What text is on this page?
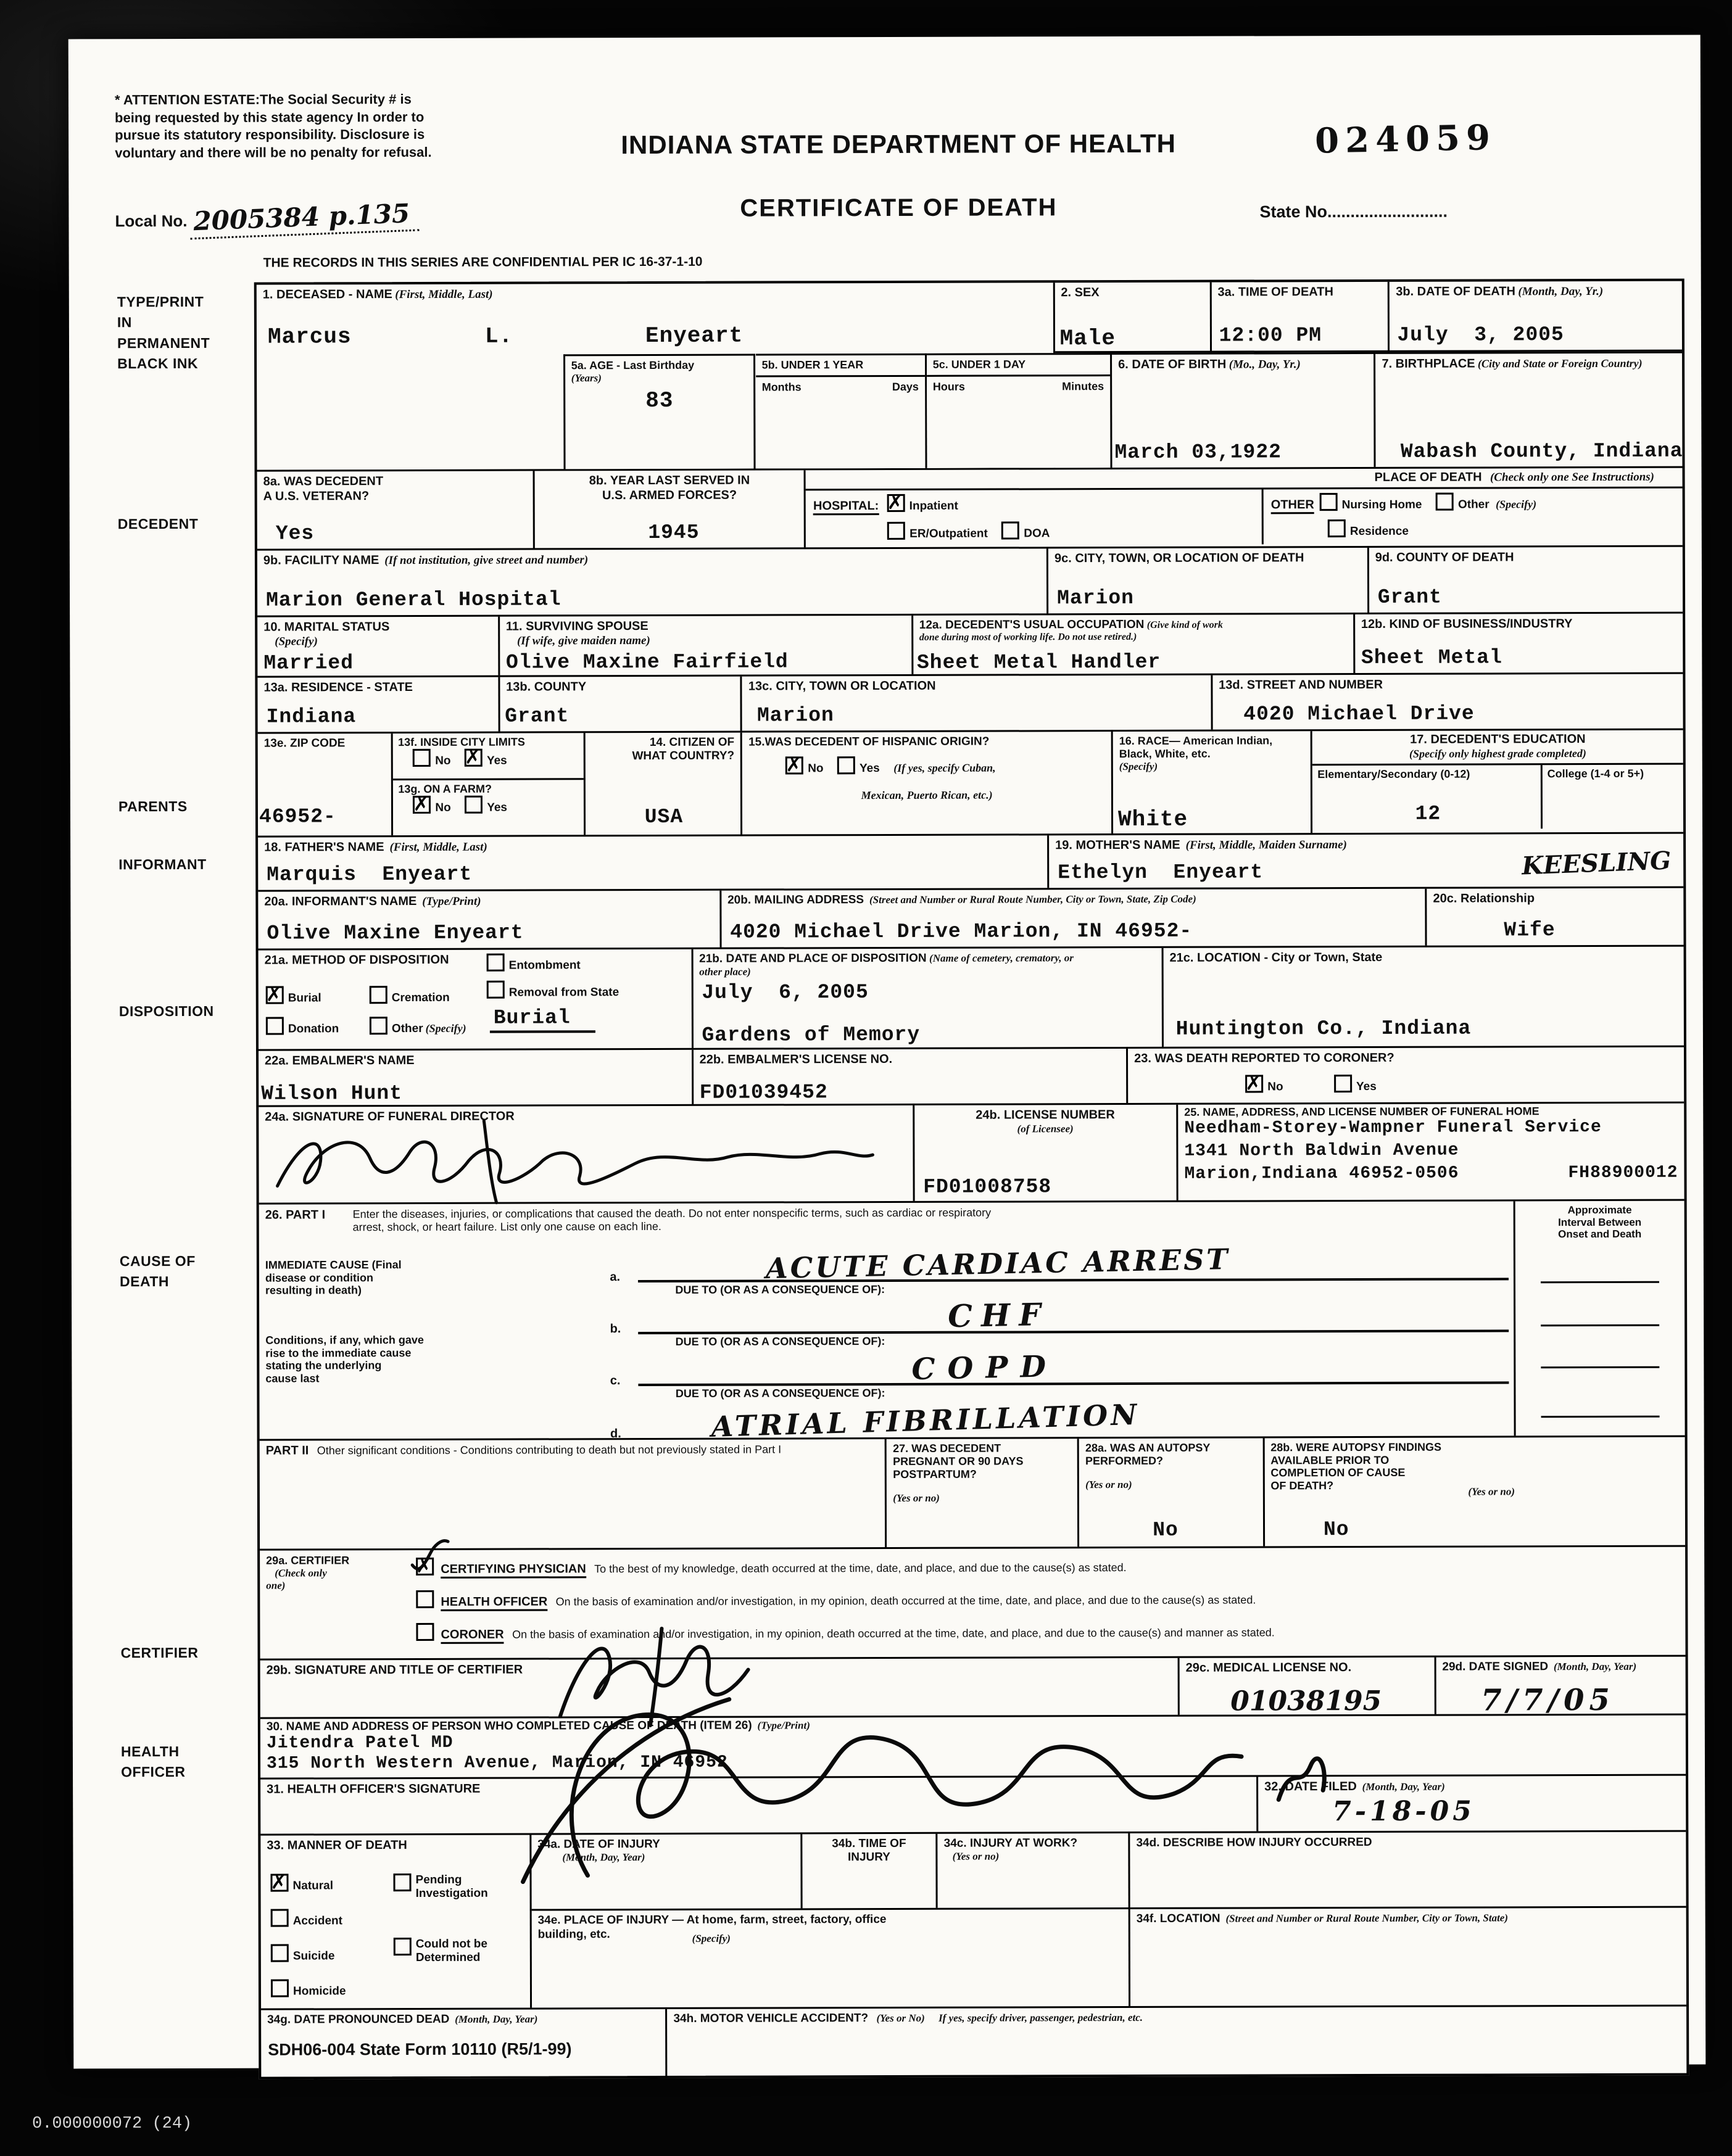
* ATTENTION ESTATE:The Social Security # is
being requested by this state agency In order to
pursue its statutory responsibility. Disclosure is
voluntary and there will be no penalty for refusal.
Local No. 2005384 p.135
INDIANA STATE DEPARTMENT OF HEALTH
CERTIFICATE OF DEATH
024059
State No..........................
THE RECORDS IN THIS SERIES ARE CONFIDENTIAL PER IC 16-37-1-10
TYPE/PRINT
IN
PERMANENT
BLACK INK
DECEDENT
PARENTS
INFORMANT
DISPOSITION
CAUSE OF
DEATH
CERTIFIER
HEALTH
OFFICER
1. DECEASED - NAME (First, Middle, Last)
Marcus	L.	Enyeart
2. SEX
Male
3a. TIME OF DEATH
12:00 PM
3b. DATE OF DEATH (Month, Day, Yr.)
July  3, 2005
5a. AGE - Last Birthday
(Years)
83
5b. UNDER 1 YEAR
Months	Days
5c. UNDER 1 DAY
Hours	Minutes
6. DATE OF BIRTH (Mo., Day, Yr.)
March 03,1922
7. BIRTHPLACE (City and State or Foreign Country)
Wabash County, Indiana
8a. WAS DECEDENT
A U.S. VETERAN?
Yes
8b. YEAR LAST SERVED IN
U.S. ARMED FORCES?
1945
PLACE OF DEATH (Check only one See Instructions)
HOSPITAL: ✗	Inpatient
ER/Outpatient	DOA
OTHER Nursing Home	Other (Specify)
Residence
9b. FACILITY NAME (If not institution, give street and number)
Marion General Hospital
9c. CITY, TOWN, OR LOCATION OF DEATH
Marion
9d. COUNTY OF DEATH
Grant
10. MARITAL STATUS
(Specify)
Married
11. SURVIVING SPOUSE
(If wife, give maiden name)
Olive Maxine Fairfield
12a. DECEDENT'S USUAL OCCUPATION (Give kind of work
done during most of working life. Do not use retired.)
Sheet Metal Handler
12b. KIND OF BUSINESS/INDUSTRY
Sheet Metal
13a. RESIDENCE - STATE
Indiana
13b. COUNTY
Grant
13c. CITY, TOWN OR LOCATION
Marion
13d. STREET AND NUMBER
4020 Michael Drive
13e. ZIP CODE
46952-
13f. INSIDE CITY LIMITS
No ✗	Yes
13g. ON A FARM?
✗No	Yes
14. CITIZEN OF
WHAT COUNTRY?
USA
15.WAS DECEDENT OF HISPANIC ORIGIN?
✗No	Yes (If yes, specify Cuban,
Mexican, Puerto Rican, etc.)
16. RACE— American Indian,
Black, White, etc.
(Specify)
White
17. DECEDENT'S EDUCATION
(Specify only highest grade completed)
Elementary/Secondary (0-12)
12
College (1-4 or 5+)
18. FATHER'S NAME (First, Middle, Last)
Marquis  Enyeart
19. MOTHER'S NAME (First, Middle, Maiden Surname)
Ethelyn  Enyeart	KEESLING
20a. INFORMANT'S NAME (Type/Print)
Olive Maxine Enyeart
20b. MAILING ADDRESS (Street and Number or Rural Route Number, City or Town, State, Zip Code)
4020 Michael Drive Marion, IN 46952-
20c. Relationship
Wife
21a. METHOD OF DISPOSITION	Entombment
✗Burial	Cremation	Removal from State
Donation	Other (Specify) Burial
21b. DATE AND PLACE OF DISPOSITION (Name of cemetery, crematory, or
other place)
July  6, 2005
Gardens of Memory
21c. LOCATION - City or Town, State
Huntington Co., Indiana
22a. EMBALMER'S NAME
Wilson Hunt
22b. EMBALMER'S LICENSE NO.
FD01039452
23. WAS DEATH REPORTED TO CORONER?
✗No	Yes
24a. SIGNATURE OF FUNERAL DIRECTOR	24b. LICENSE NUMBER
(of Licensee)
FD01008758
25. NAME, ADDRESS, AND LICENSE NUMBER OF FUNERAL HOME
Needham-Storey-Wampner Funeral Service
1341 North Baldwin Avenue
Marion,Indiana 46952-0506	FH88900012
26. PART I Enter the diseases, injuries, or complications that caused the death. Do not enter nonspecific terms, such as cardiac or respiratory
arrest, shock, or heart failure. List only one cause on each line.
Approximate
Interval Between
Onset and Death
IMMEDIATE CAUSE (Final
disease or condition
resulting in death)
Conditions, if any, which gave
rise to the immediate cause
stating the underlying
cause last
a.	ACUTE CARDIAC ARREST
DUE TO (OR AS A CONSEQUENCE OF):
b.	CHF
DUE TO (OR AS A CONSEQUENCE OF):
c.	COPD
DUE TO (OR AS A CONSEQUENCE OF):
d.	ATRIAL FIBRILLATION
PART II Other significant conditions - Conditions contributing to death but not previously stated in Part I	27. WAS DECEDENT
PREGNANT OR 90 DAYS
POSTPARTUM?

(Yes or no)
28a. WAS AN AUTOPSY
PERFORMED?

(Yes or no)
No
28b. WERE AUTOPSY FINDINGS
AVAILABLE PRIOR TO
COMPLETION OF CAUSE
OF DEATH?	(Yes or no)
No
29a. CERTIFIER
(Check only
one)
✗
CERTIFYING PHYSICIAN To the best of my knowledge, death occurred at the time, date, and place, and due to the cause(s) as stated.
HEALTH OFFICER On the basis of examination and/or investigation, in my opinion, death occurred at the time, date, and place, and due to the cause(s) as stated.
CORONER On the basis of examination and/or investigation, in my opinion, death occurred at the time, date, and place, and due to the cause(s) and manner as stated.
29b. SIGNATURE AND TITLE OF CERTIFIER	29c. MEDICAL LICENSE NO.
01038195
29d. DATE SIGNED (Month, Day, Year)
7/7/05
30. NAME AND ADDRESS OF PERSON WHO COMPLETED CAUSE OF DEATH (ITEM 26) (Type/Print)
Jitendra Patel MD
315 North Western Avenue, Marion, IN 46952
31. HEALTH OFFICER'S SIGNATURE	32. DATE FILED (Month, Day, Year)
7-18-05
33. MANNER OF DEATH
✗Natural
Accident
Suicide
Homicide
Pending
Investigation
Could not be
Determined
34a. DATE OF INJURY
(Month, Day, Year)
34b. TIME OF
INJURY
34c. INJURY AT WORK?
(Yes or no)
34d. DESCRIBE HOW INJURY OCCURRED
34e. PLACE OF INJURY — At home, farm, street, factory, office
building, etc.	(Specify)
34f. LOCATION (Street and Number or Rural Route Number, City or Town, State)
34g. DATE PRONOUNCED DEAD (Month, Day, Year)	34h. MOTOR VEHICLE ACCIDENT? (Yes or No) If yes, specify driver, passenger, pedestrian, etc.
SDH06-004 State Form 10110 (R5/1-99)
0.000000072 (24)
